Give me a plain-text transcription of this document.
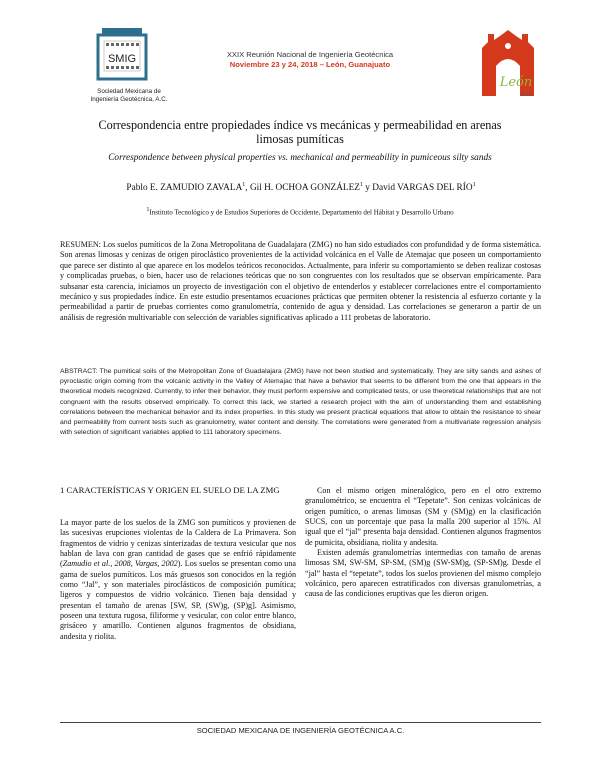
SMIG
Sociedad Mexicana de
Ingeniería Geotécnica, A.C.
XXIX Reunión Nacional de Ingeniería Geotécnica
Noviembre 23 y 24, 2018 – León, Guanajuato
León
2018
Correspondencia entre propiedades índice vs mecánicas y permeabilidad en arenas limosas pumíticas
Correspondence between physical properties vs. mechanical and permeability in pumiceous silty sands
Pablo E. ZAMUDIO ZAVALA$^1$, Gil H. OCHOA GONZÁLEZ$^1$ y David VARGAS DEL RÍO$^1$
$^1$Instituto Tecnológico y de Estudios Superiores de Occidente, Departamento del Hábitat y Desarrollo Urbano
RESUMEN: Los suelos pumíticos de la Zona Metropolitana de Guadalajara (ZMG) no han sido estudiados con profundidad y de forma sistemática. Son arenas limosas y cenizas de origen piroclástico provenientes de la actividad volcánica en el Valle de Atemajac que poseen un comportamiento que parece ser distinto al que aparece en los modelos teóricos reconocidos. Actualmente, para inferir su comportamiento se deben realizar costosas y complicadas pruebas, o bien, hacer uso de relaciones teóricas que no son congruentes con los resultados que se observan empíricamente. Para subsanar esta carencia, iniciamos un proyecto de investigación con el objetivo de entenderlos y establecer correlaciones entre el comportamiento mecánico y sus propiedades índice. En este estudio presentamos ecuaciones prácticas que permiten obtener la resistencia al esfuerzo cortante y la permeabilidad a partir de pruebas corrientes como granulometría, contenido de agua y densidad. Las correlaciones se generaron a partir de un análisis de regresión multivariable con selección de variables significativas aplicado a 111 probetas de laboratorio.
ABSTRACT: The pumitical soils of the Metropolitan Zone of Guadalajara (ZMG) have not been studied and systematically. They are silty sands and ashes of pyroclastic origin coming from the volcanic activity in the Valley of Atemajac that have a behavior that seems to be different from the one that appears in the theoretical models recognized. Currently, to infer their behavior, they must perform expensive and complicated tests, or use theoretical relationships that are not congruent with the results observed empirically. To correct this lack, we started a research project with the aim of understanding them and establishing correlations between the mechanical behavior and its index properties. In this study we present practical equations that allow to obtain the resistance to shear and permeability from current tests such as granulometry, water content and density. The correlations were generated from a multivariate regression analysis with selection of significant variables applied to 111 laboratory specimens.
1 CARACTERÍSTICAS Y ORIGEN EL SUELO DE LA ZMG

La mayor parte de los suelos de la ZMG son pumíticos y provienen de las sucesivas erupciones violentas de la Caldera de La Primavera. Son fragmentos de vidrio y cenizas sinterizadas de textura vesicular que nos hablan de lava con gran cantidad de gases que se enfrió rápidamente (Zamudio et al., 2008, Vargas, 2002). Los suelos se presentan como una gama de suelos pumíticos. Los más gruesos son conocidos en la región como “Jal”, y son materiales piroclásticos de composición pumítica; ligeros y compuestos de vidrio volcánico. Tienen baja densidad y presentan el tamaño de arenas [SW, SP, (SW)g, (SP)g]. Asimismo, poseen una textura rugosa, filiforme y vesicular, con color entre blanco, grisáceo y amarillo. Contienen algunos fragmentos de obsidiana, andesita y riolita.

Con el mismo origen mineralógico, pero en el otro extremo granulométrico, se encuentra el “Tepetate”. Son cenizas volcánicas de origen pumítico, o arenas limosas (SM y (SM)g) en la clasificación SUCS, con un porcentaje que pasa la malla 200 superior al 15%. Al igual que el “jal” presenta baja densidad. Contienen algunos fragmentos de pumicita, obsidiana, riolita y andesita.

Existen además granulometrías intermedias con tamaño de arenas limosas SM, SW-SM, SP-SM, (SM)g (SW-SM)g, (SP-SM)g. Desde el “jal” hasta el “tepetate”, todos los suelos provienen del mismo complejo volcánico, pero aparecen estratificados con diversas granulometrías, a causa de las condiciones eruptivas que les dieron origen.

SOCIEDAD MEXICANA DE INGENIERÍA GEOTÉCNICA A.C.
